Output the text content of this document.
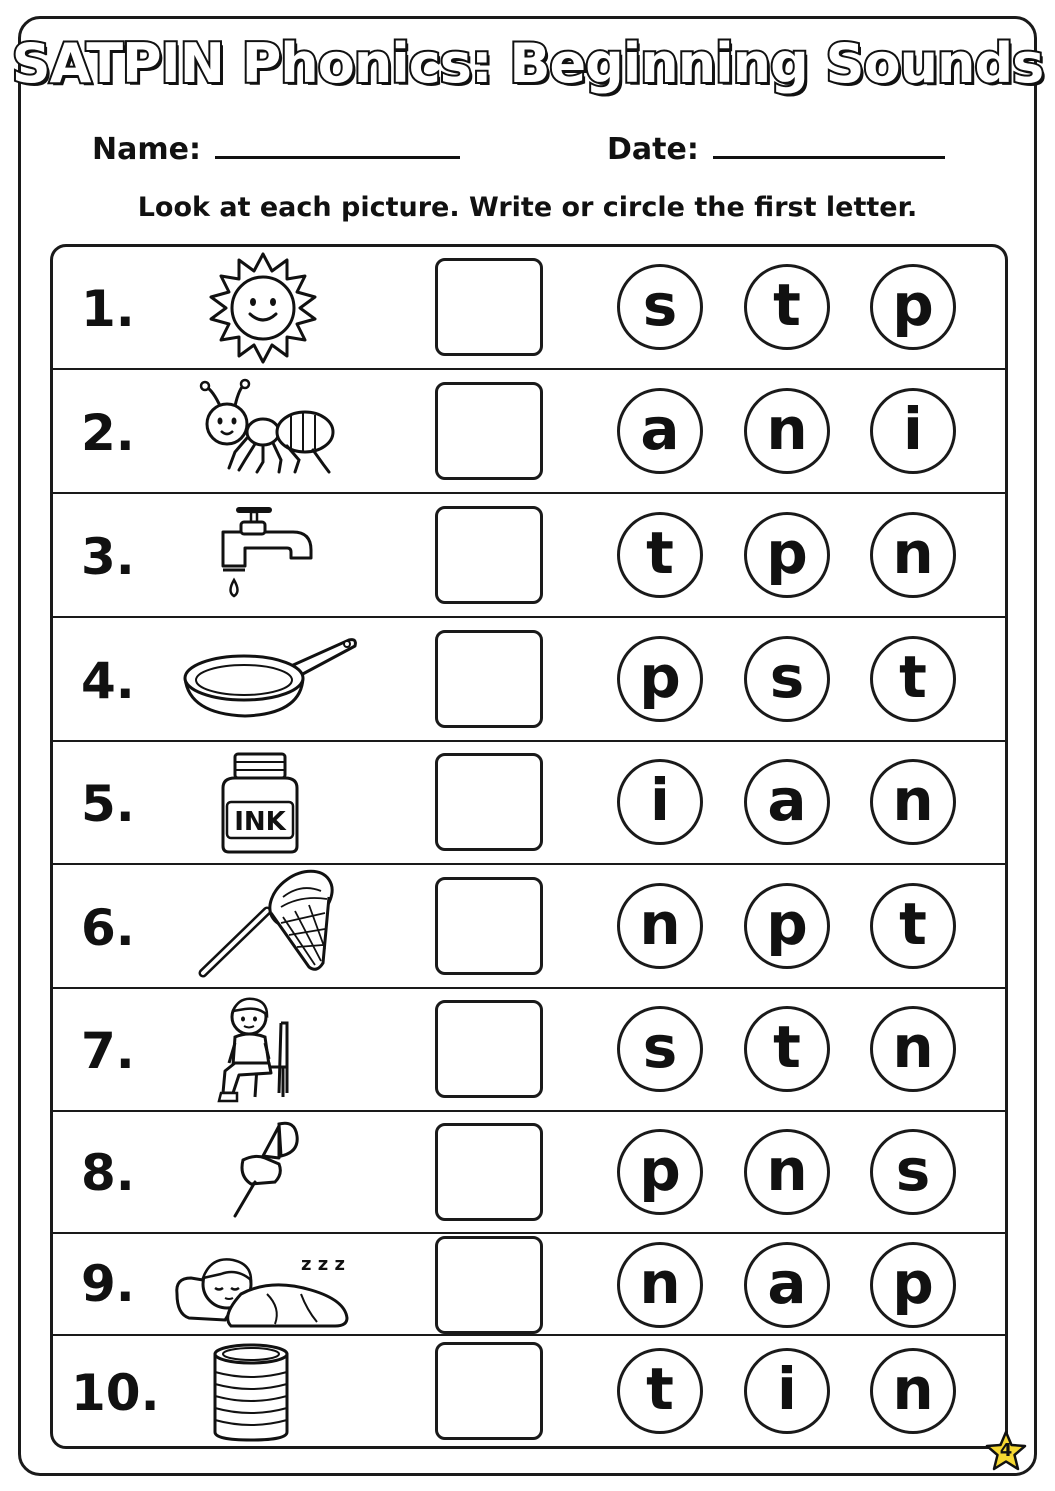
SATPIN Phonics: Beginning Sounds
Name:	Date:
Look at each picture. Write or circle the first letter.
1.	s	t	p
2.	a	n	i
3.	t	p	n
4.	p	s	t
5.	INK	i	a	n
6.	n	p	t
7.	s	t	n
8.	p	n	s
9.	z z z	n	a	p
10.	t	i	n
4
